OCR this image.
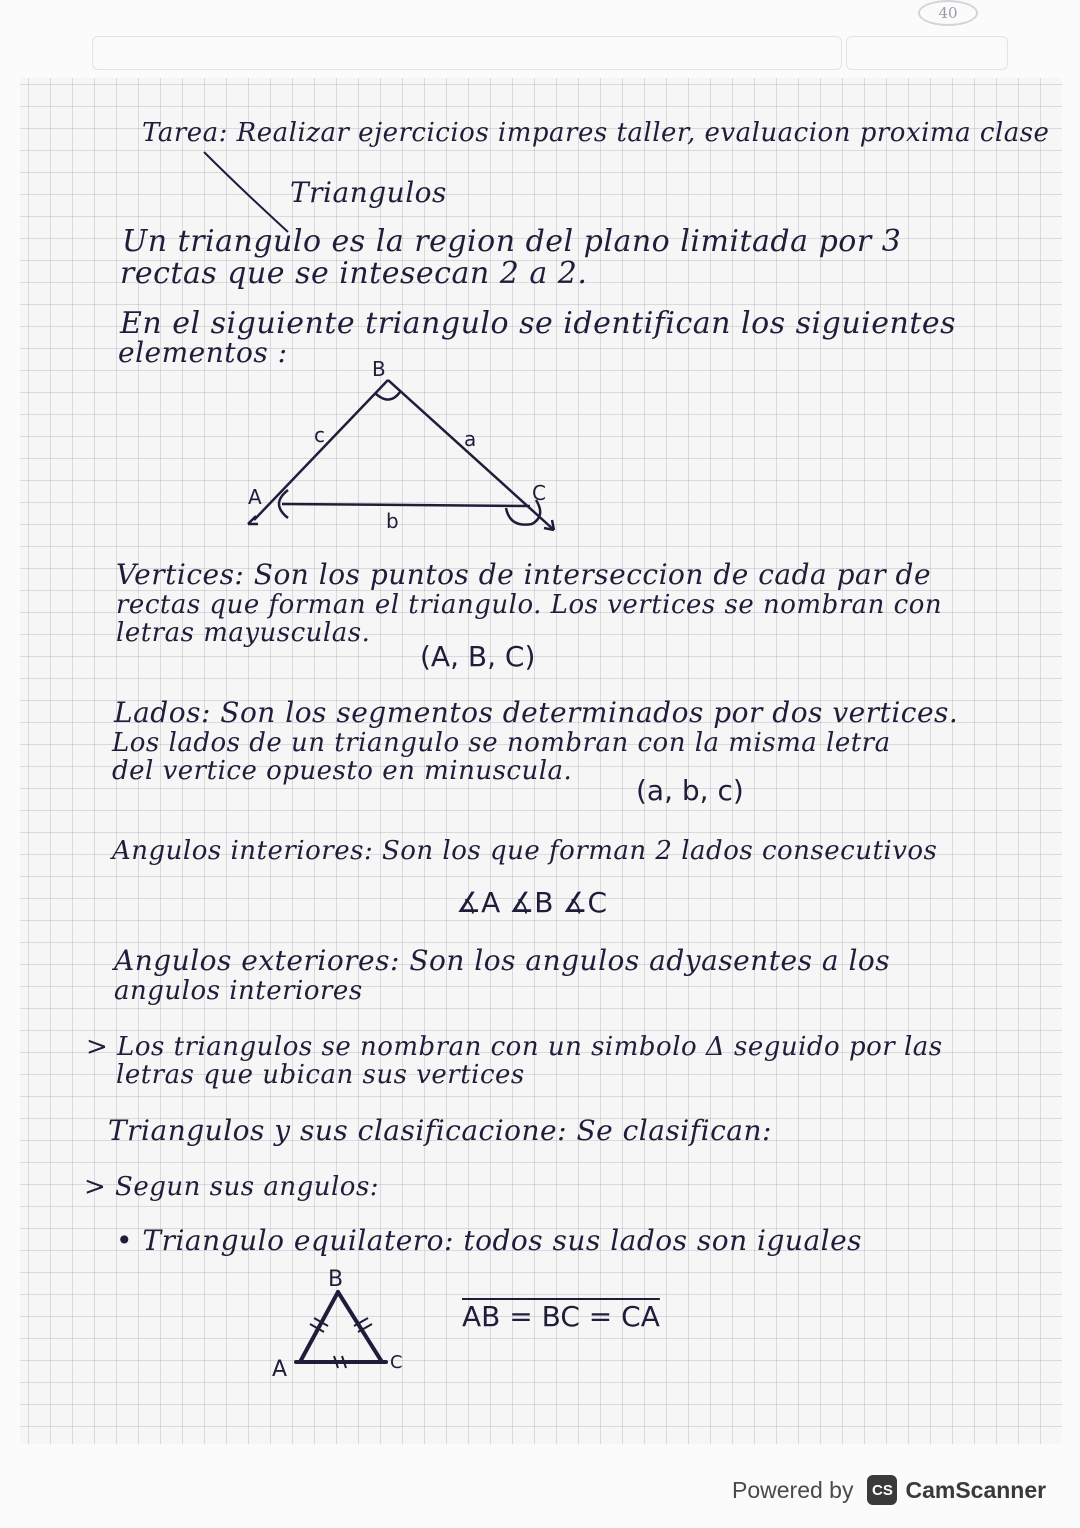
40
Tarea: Realizar ejercicios impares taller, evaluacion proxima clase
Triangulos
Un triangulo es la region del plano limitada por 3
rectas que se intesecan 2 a 2.
En el siguiente triangulo se identifican los siguientes
elementos :	B
A	C
c	a
b
Vertices: Son los puntos de interseccion de cada par de
rectas que forman el triangulo. Los vertices se nombran con
letras mayusculas.
(A, B, C)
Lados: Son los segmentos determinados por dos vertices.
Los lados de un triangulo se nombran con la misma letra
del vertice opuesto en minuscula.
(a, b, c)
Angulos interiores: Son los que forman 2 lados consecutivos
∡A ∡B ∡C
Angulos exteriores: Son los angulos adyasentes a los
angulos interiores
> Los triangulos se nombran con un simbolo Δ seguido por las
letras que ubican sus vertices
Triangulos y sus clasificacione: Se clasifican:
> Segun sus angulos:
• Triangulo equilatero: todos sus lados son iguales
B
A	C
AB = BC = CA
Powered by	CS CamScanner
